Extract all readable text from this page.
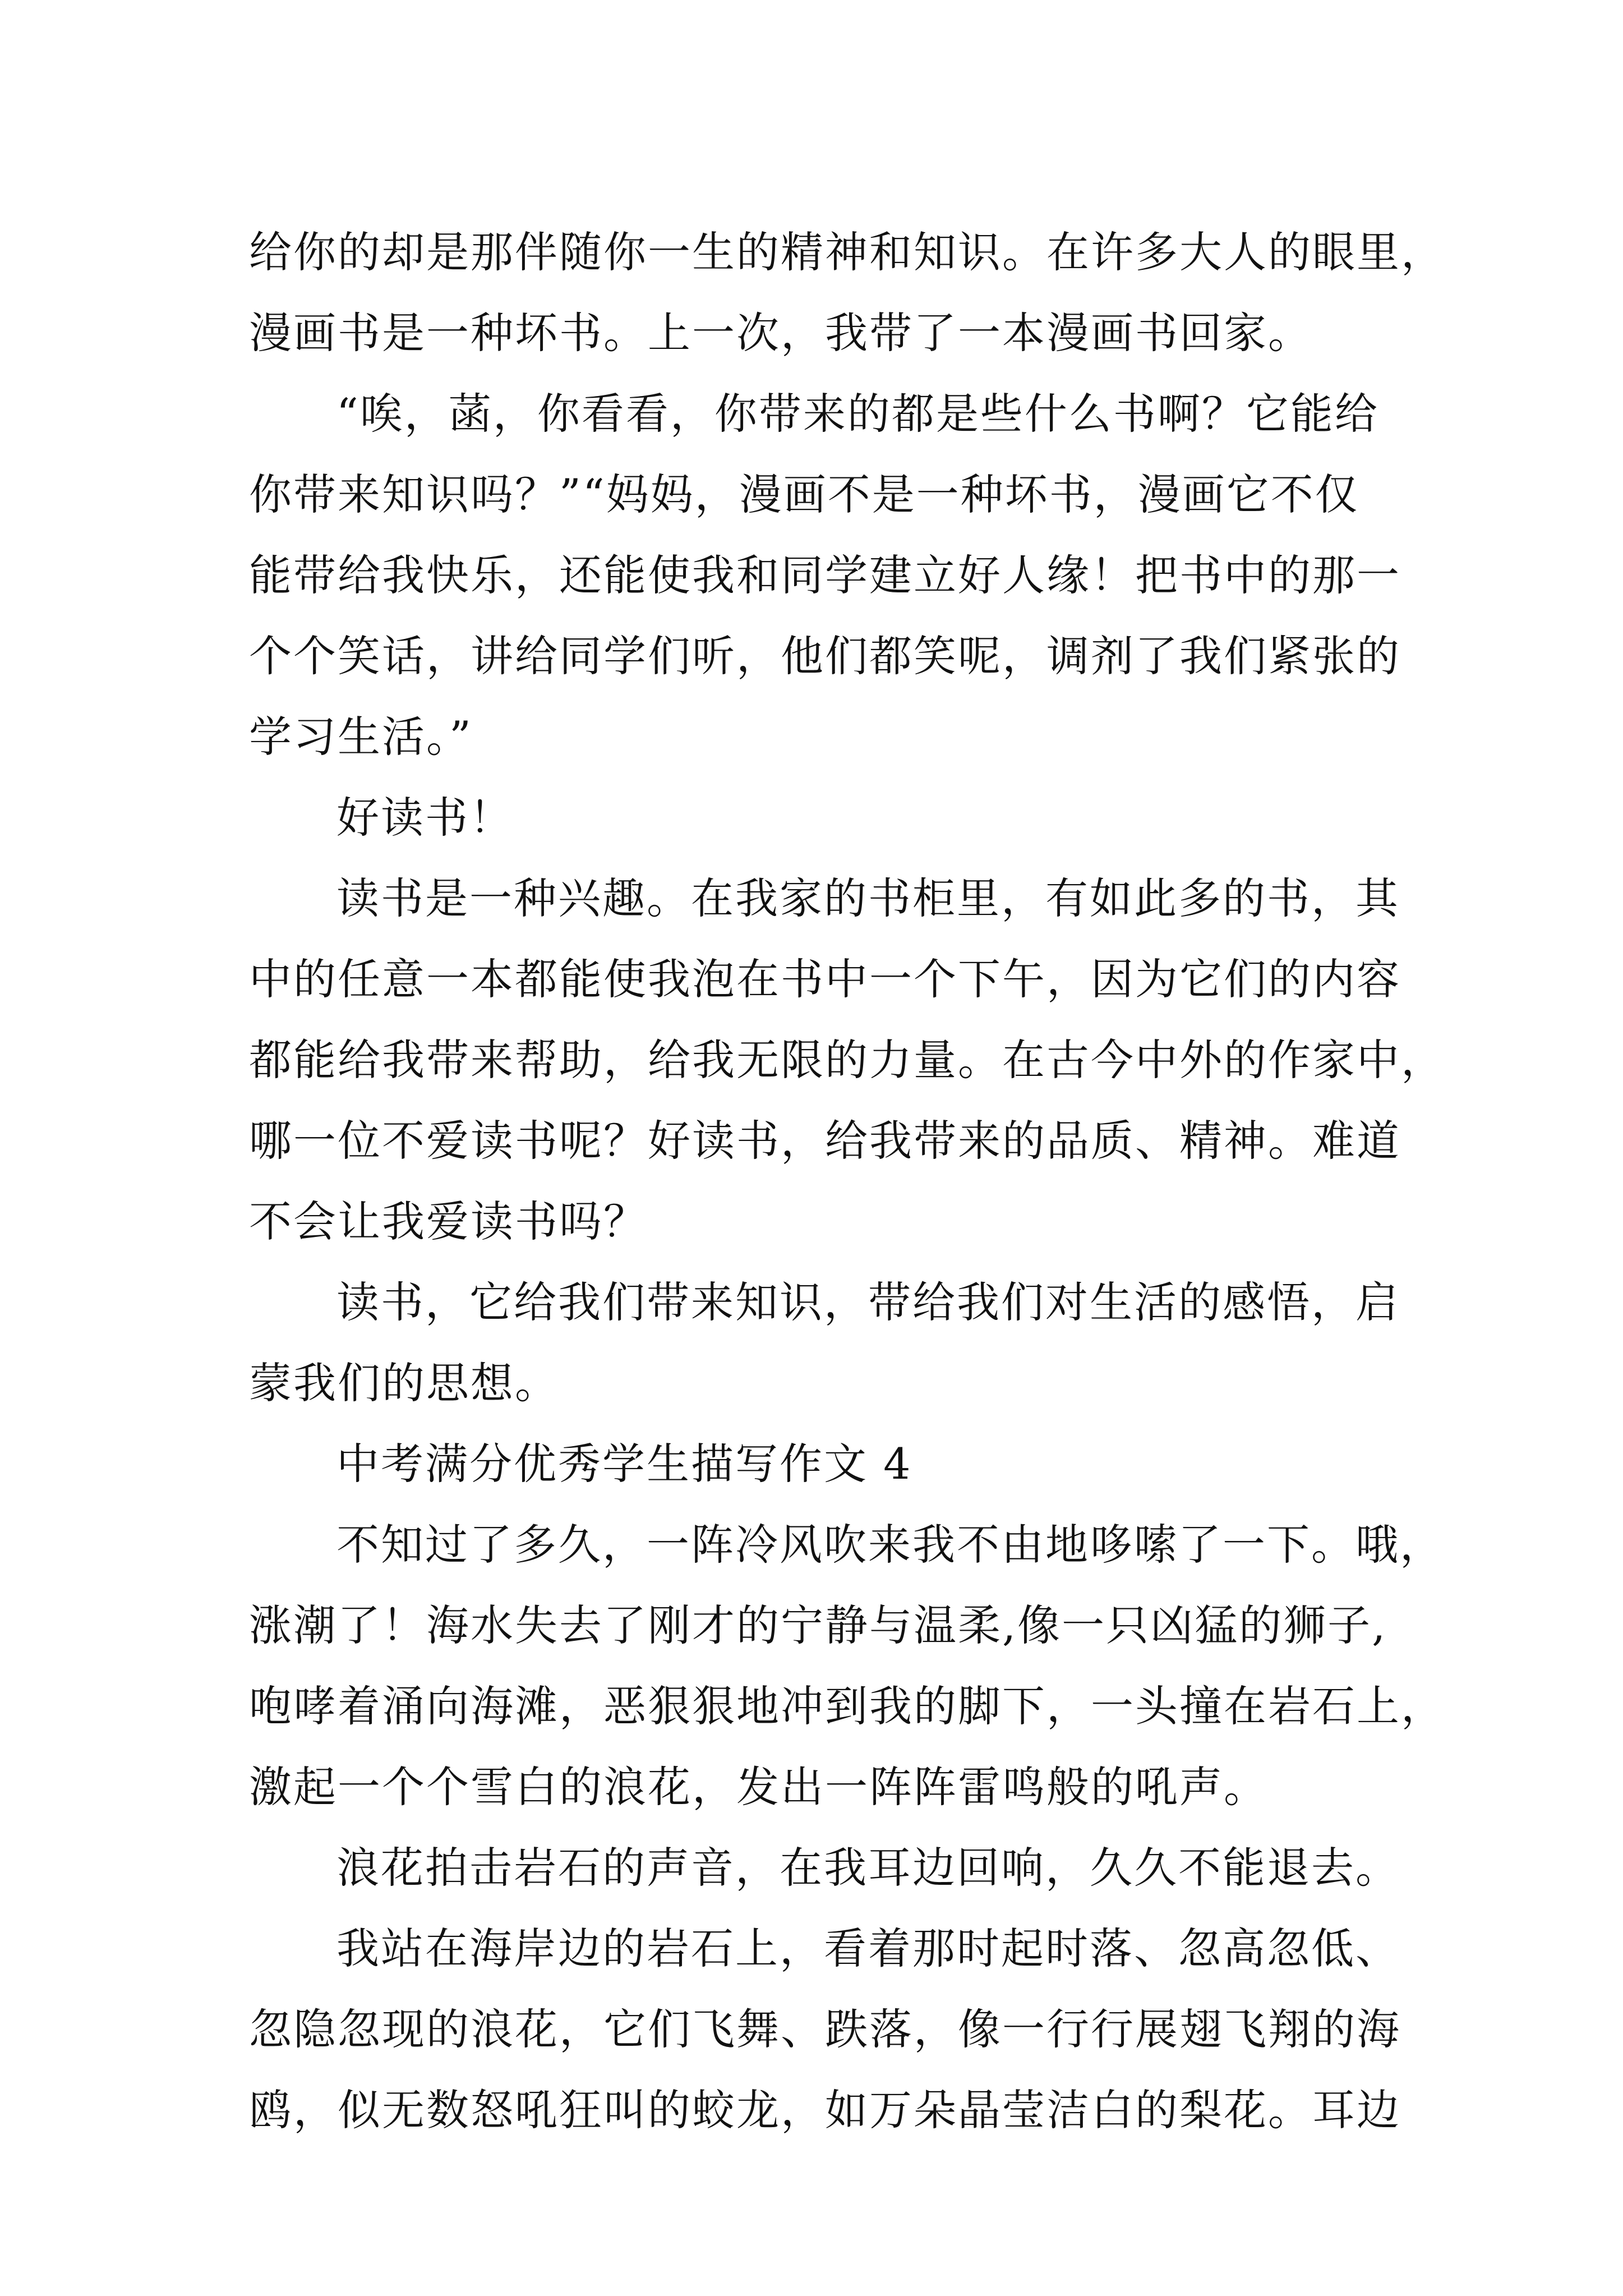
给你的却是那伴随你一生的精神和知识。在许多大人的眼里，
漫画书是一种坏书。上一次，我带了一本漫画书回家。
“唉，菡，你看看，你带来的都是些什么书啊？它能给
你带来知识吗？”“妈妈，漫画不是一种坏书，漫画它不仅
能带给我快乐，还能使我和同学建立好人缘！把书中的那一
个个笑话，讲给同学们听，他们都笑呢，调剂了我们紧张的
学习生活。”
好读书！
读书是一种兴趣。在我家的书柜里，有如此多的书，其
中的任意一本都能使我泡在书中一个下午，因为它们的内容
都能给我带来帮助，给我无限的力量。在古今中外的作家中，
哪一位不爱读书呢？好读书，给我带来的品质、精神。难道
不会让我爱读书吗？
读书，它给我们带来知识，带给我们对生活的感悟，启
蒙我们的思想。
中考满分优秀学生描写作文 4
不知过了多久，一阵冷风吹来我不由地哆嗦了一下。哦，
涨潮了！海水失去了刚才的宁静与温柔,像一只凶猛的狮子,
咆哮着涌向海滩，恶狠狠地冲到我的脚下，一头撞在岩石上，
激起一个个雪白的浪花，发出一阵阵雷鸣般的吼声。
浪花拍击岩石的声音，在我耳边回响，久久不能退去。
我站在海岸边的岩石上，看着那时起时落、忽高忽低、
忽隐忽现的浪花，它们飞舞、跌落，像一行行展翅飞翔的海
鸥，似无数怒吼狂叫的蛟龙，如万朵晶莹洁白的梨花。耳边
